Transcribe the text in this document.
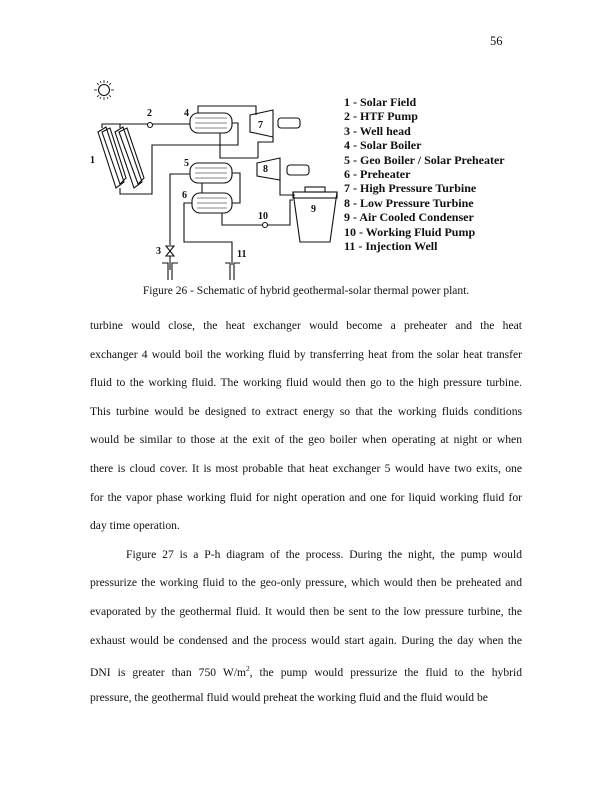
56
1
2
3
4
5
6
7
8
9
10
11
1 - Solar Field
2 - HTF Pump
3 - Well head
4 - Solar Boiler
5 - Geo Boiler / Solar Preheater
6 - Preheater
7 - High Pressure Turbine
8 - Low Pressure Turbine
9 - Air Cooled Condenser
10 - Working Fluid Pump
11 - Injection Well
Figure 26 - Schematic of hybrid geothermal-solar thermal power plant.
turbine would close, the heat exchanger would become a preheater and the heat
exchanger 4 would boil the working fluid by transferring heat from the solar heat transfer
fluid to the working fluid. The working fluid would then go to the high pressure turbine.
This turbine would be designed to extract energy so that the working fluids conditions
would be similar to those at the exit of the geo boiler when operating at night or when
there is cloud cover. It is most probable that heat exchanger 5 would have two exits, one
for the vapor phase working fluid for night operation and one for liquid working fluid for
day time operation.
Figure 27 is a P-h diagram of the process. During the night, the pump would
pressurize the working fluid to the geo-only pressure, which would then be preheated and
evaporated by the geothermal fluid. It would then be sent to the low pressure turbine, the
exhaust would be condensed and the process would start again. During the day when the
DNI is greater than 750 $W/m^2$, the pump would pressurize the fluid to the hybrid
pressure, the geothermal fluid would preheat the working fluid and the fluid would be
